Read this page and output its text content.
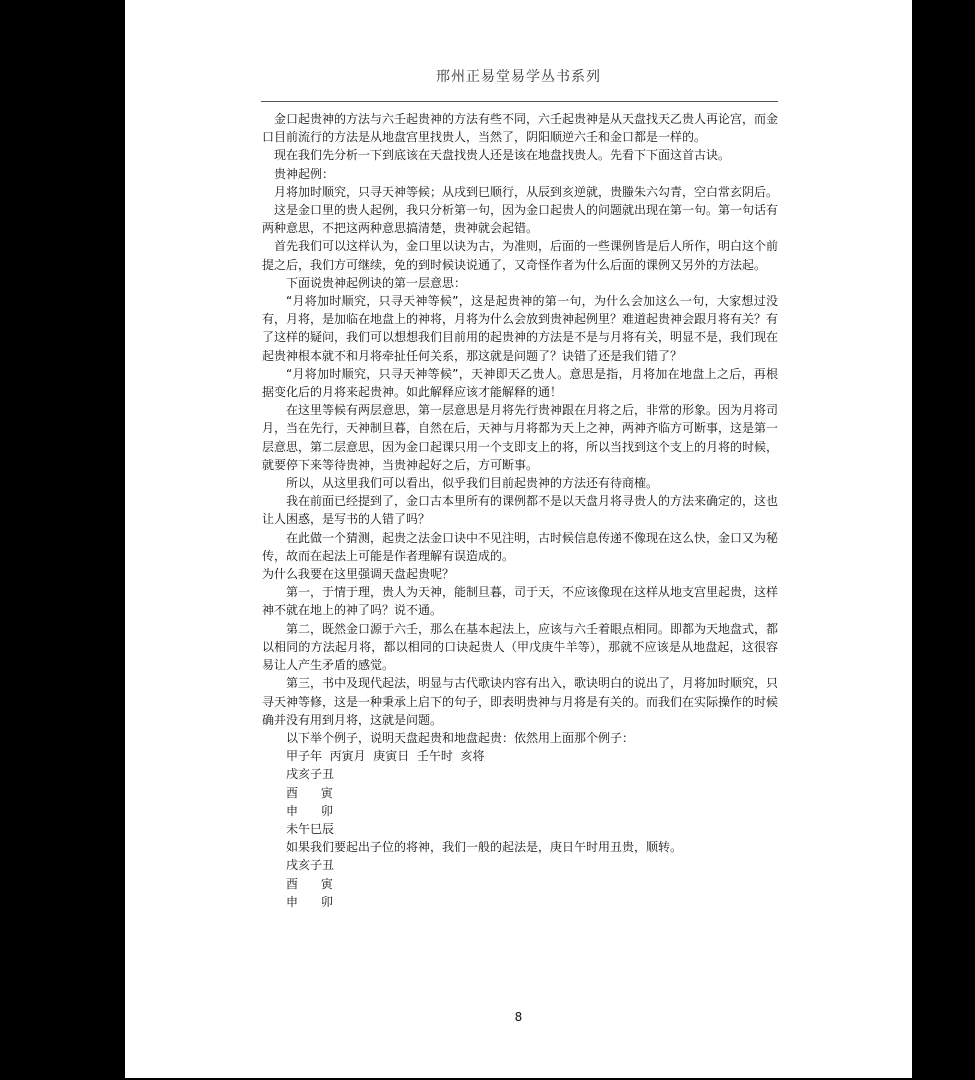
邢州正易堂易学丛书系列

金口起贵神的方法与六壬起贵神的方法有些不同，六壬起贵神是从天盘找天乙贵人再论宫，而金口目前流行的方法是从地盘宫里找贵人，当然了，阴阳顺逆六壬和金口都是一样的。

现在我们先分析一下到底该在天盘找贵人还是该在地盘找贵人。先看下下面这首古诀。

贵神起例：

月将加时顺究，只寻天神等候；从戌到巳顺行，从辰到亥逆就，贵螣朱六勾青，空白常玄阴后。

这是金口里的贵人起例，我只分析第一句，因为金口起贵人的问题就出现在第一句。第一句话有两种意思，不把这两种意思搞清楚，贵神就会起错。

首先我们可以这样认为，金口里以诀为古，为准则，后面的一些课例皆是后人所作，明白这个前提之后，我们方可继续，免的到时候诀说通了，又奇怪作者为什么后面的课例又另外的方法起。

下面说贵神起例诀的第一层意思：

“月将加时顺究，只寻天神等候”，这是起贵神的第一句，为什么会加这么一句，大家想过没有，月将，是加临在地盘上的神将，月将为什么会放到贵神起例里？难道起贵神会跟月将有关？有了这样的疑问，我们可以想想我们目前用的起贵神的方法是不是与月将有关，明显不是，我们现在起贵神根本就不和月将牵扯任何关系，那这就是问题了？诀错了还是我们错了？

“月将加时顺究，只寻天神等候”，天神即天乙贵人。意思是指，月将加在地盘上之后，再根据变化后的月将来起贵神。如此解释应该才能解释的通！

在这里等候有两层意思，第一层意思是月将先行贵神跟在月将之后，非常的形象。因为月将司月，当在先行，天神制旦暮，自然在后，天神与月将都为天上之神，两神齐临方可断事，这是第一层意思，第二层意思，因为金口起课只用一个支即支上的将，所以当找到这个支上的月将的时候，就要停下来等待贵神，当贵神起好之后，方可断事。

所以，从这里我们可以看出，似乎我们目前起贵神的方法还有待商榷。

我在前面已经提到了，金口古本里所有的课例都不是以天盘月将寻贵人的方法来确定的，这也让人困惑，是写书的人错了吗？

在此做一个猜测，起贵之法金口诀中不见注明，古时候信息传递不像现在这么快，金口又为秘传，故而在起法上可能是作者理解有误造成的。

为什么我要在这里强调天盘起贵呢？

第一，于情于理，贵人为天神，能制旦暮，司于天，不应该像现在这样从地支宫里起贵，这样神不就在地上的神了吗？说不通。

第二，既然金口源于六壬，那么在基本起法上，应该与六壬着眼点相同。即都为天地盘式，都以相同的方法起月将，都以相同的口诀起贵人（甲戊庚牛羊等），那就不应该是从地盘起，这很容易让人产生矛盾的感觉。

第三，书中及现代起法，明显与古代歌诀内容有出入，歌诀明白的说出了，月将加时顺究，只寻天神等修，这是一种秉承上启下的句子，即表明贵神与月将是有关的。而我们在实际操作的时候确并没有用到月将，这就是问题。

以下举个例子，说明天盘起贵和地盘起贵：依然用上面那个例子：

甲子年  丙寅月  庚寅日  壬午时  亥将
戌亥子丑
酉      寅
申      卯
未午巳辰

如果我们要起出子位的将神，我们一般的起法是，庚日午时用丑贵，顺转。

戌亥子丑
酉      寅
申      卯
8
